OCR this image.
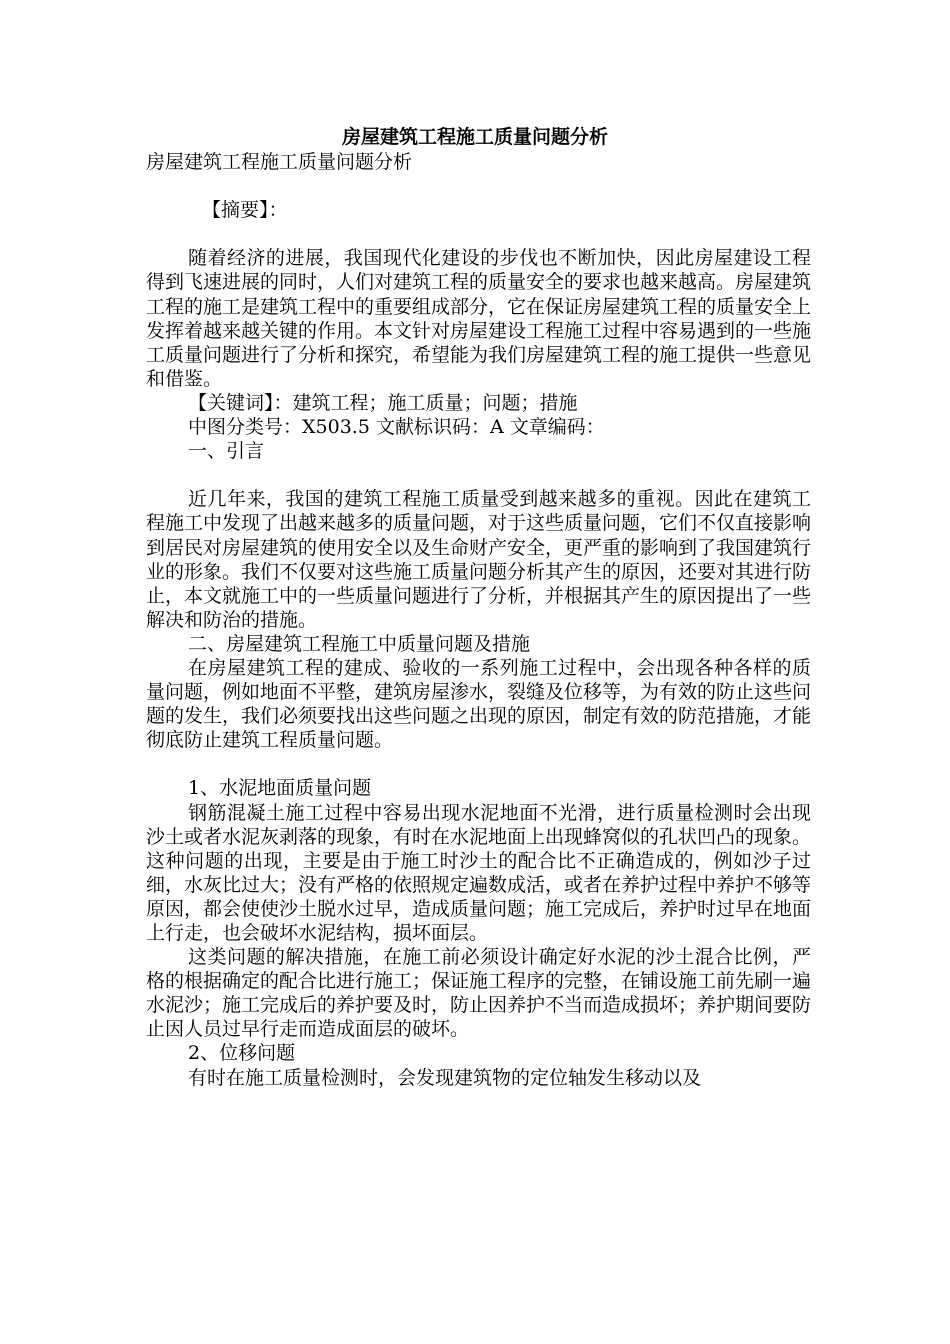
房屋建筑工程施工质量问题分析

房屋建筑工程施工质量问题分析

【摘要】：

随着经济的进展，我国现代化建设的步伐也不断加快，因此房屋建设工程得到飞速进展的同时，人们对建筑工程的质量安全的要求也越来越高。房屋建筑工程的施工是建筑工程中的重要组成部分，它在保证房屋建筑工程的质量安全上发挥着越来越关键的作用。本文针对房屋建设工程施工过程中容易遇到的一些施工质量问题进行了分析和探究，希望能为我们房屋建筑工程的施工提供一些意见和借鉴。

【关键词】：建筑工程；施工质量；问题；措施

中图分类号：X503.5 文献标识码：A 文章编码：

一、引言

近几年来，我国的建筑工程施工质量受到越来越多的重视。因此在建筑工程施工中发现了出越来越多的质量问题，对于这些质量问题，它们不仅直接影响到居民对房屋建筑的使用安全以及生命财产安全，更严重的影响到了我国建筑行业的形象。我们不仅要对这些施工质量问题分析其产生的原因，还要对其进行防止，本文就施工中的一些质量问题进行了分析，并根据其产生的原因提出了一些解决和防治的措施。

二、房屋建筑工程施工中质量问题及措施

在房屋建筑工程的建成、验收的一系列施工过程中，会出现各种各样的质量问题，例如地面不平整，建筑房屋渗水，裂缝及位移等，为有效的防止这些问题的发生，我们必须要找出这些问题之出现的原因，制定有效的防范措施，才能彻底防止建筑工程质量问题。

1、水泥地面质量问题

钢筋混凝土施工过程中容易出现水泥地面不光滑，进行质量检测时会出现沙土或者水泥灰剥落的现象，有时在水泥地面上出现蜂窝似的孔状凹凸的现象。这种问题的出现，主要是由于施工时沙土的配合比不正确造成的，例如沙子过细，水灰比过大；没有严格的依照规定遍数成活，或者在养护过程中养护不够等原因，都会使使沙土脱水过早，造成质量问题；施工完成后，养护时过早在地面上行走，也会破坏水泥结构，损坏面层。

这类问题的解决措施，在施工前必须设计确定好水泥的沙土混合比例，严格的根据确定的配合比进行施工；保证施工程序的完整，在铺设施工前先刷一遍水泥沙；施工完成后的养护要及时，防止因养护不当而造成损坏；养护期间要防止因人员过早行走而造成面层的破坏。

2、位移问题

有时在施工质量检测时，会发现建筑物的定位轴发生移动以及
